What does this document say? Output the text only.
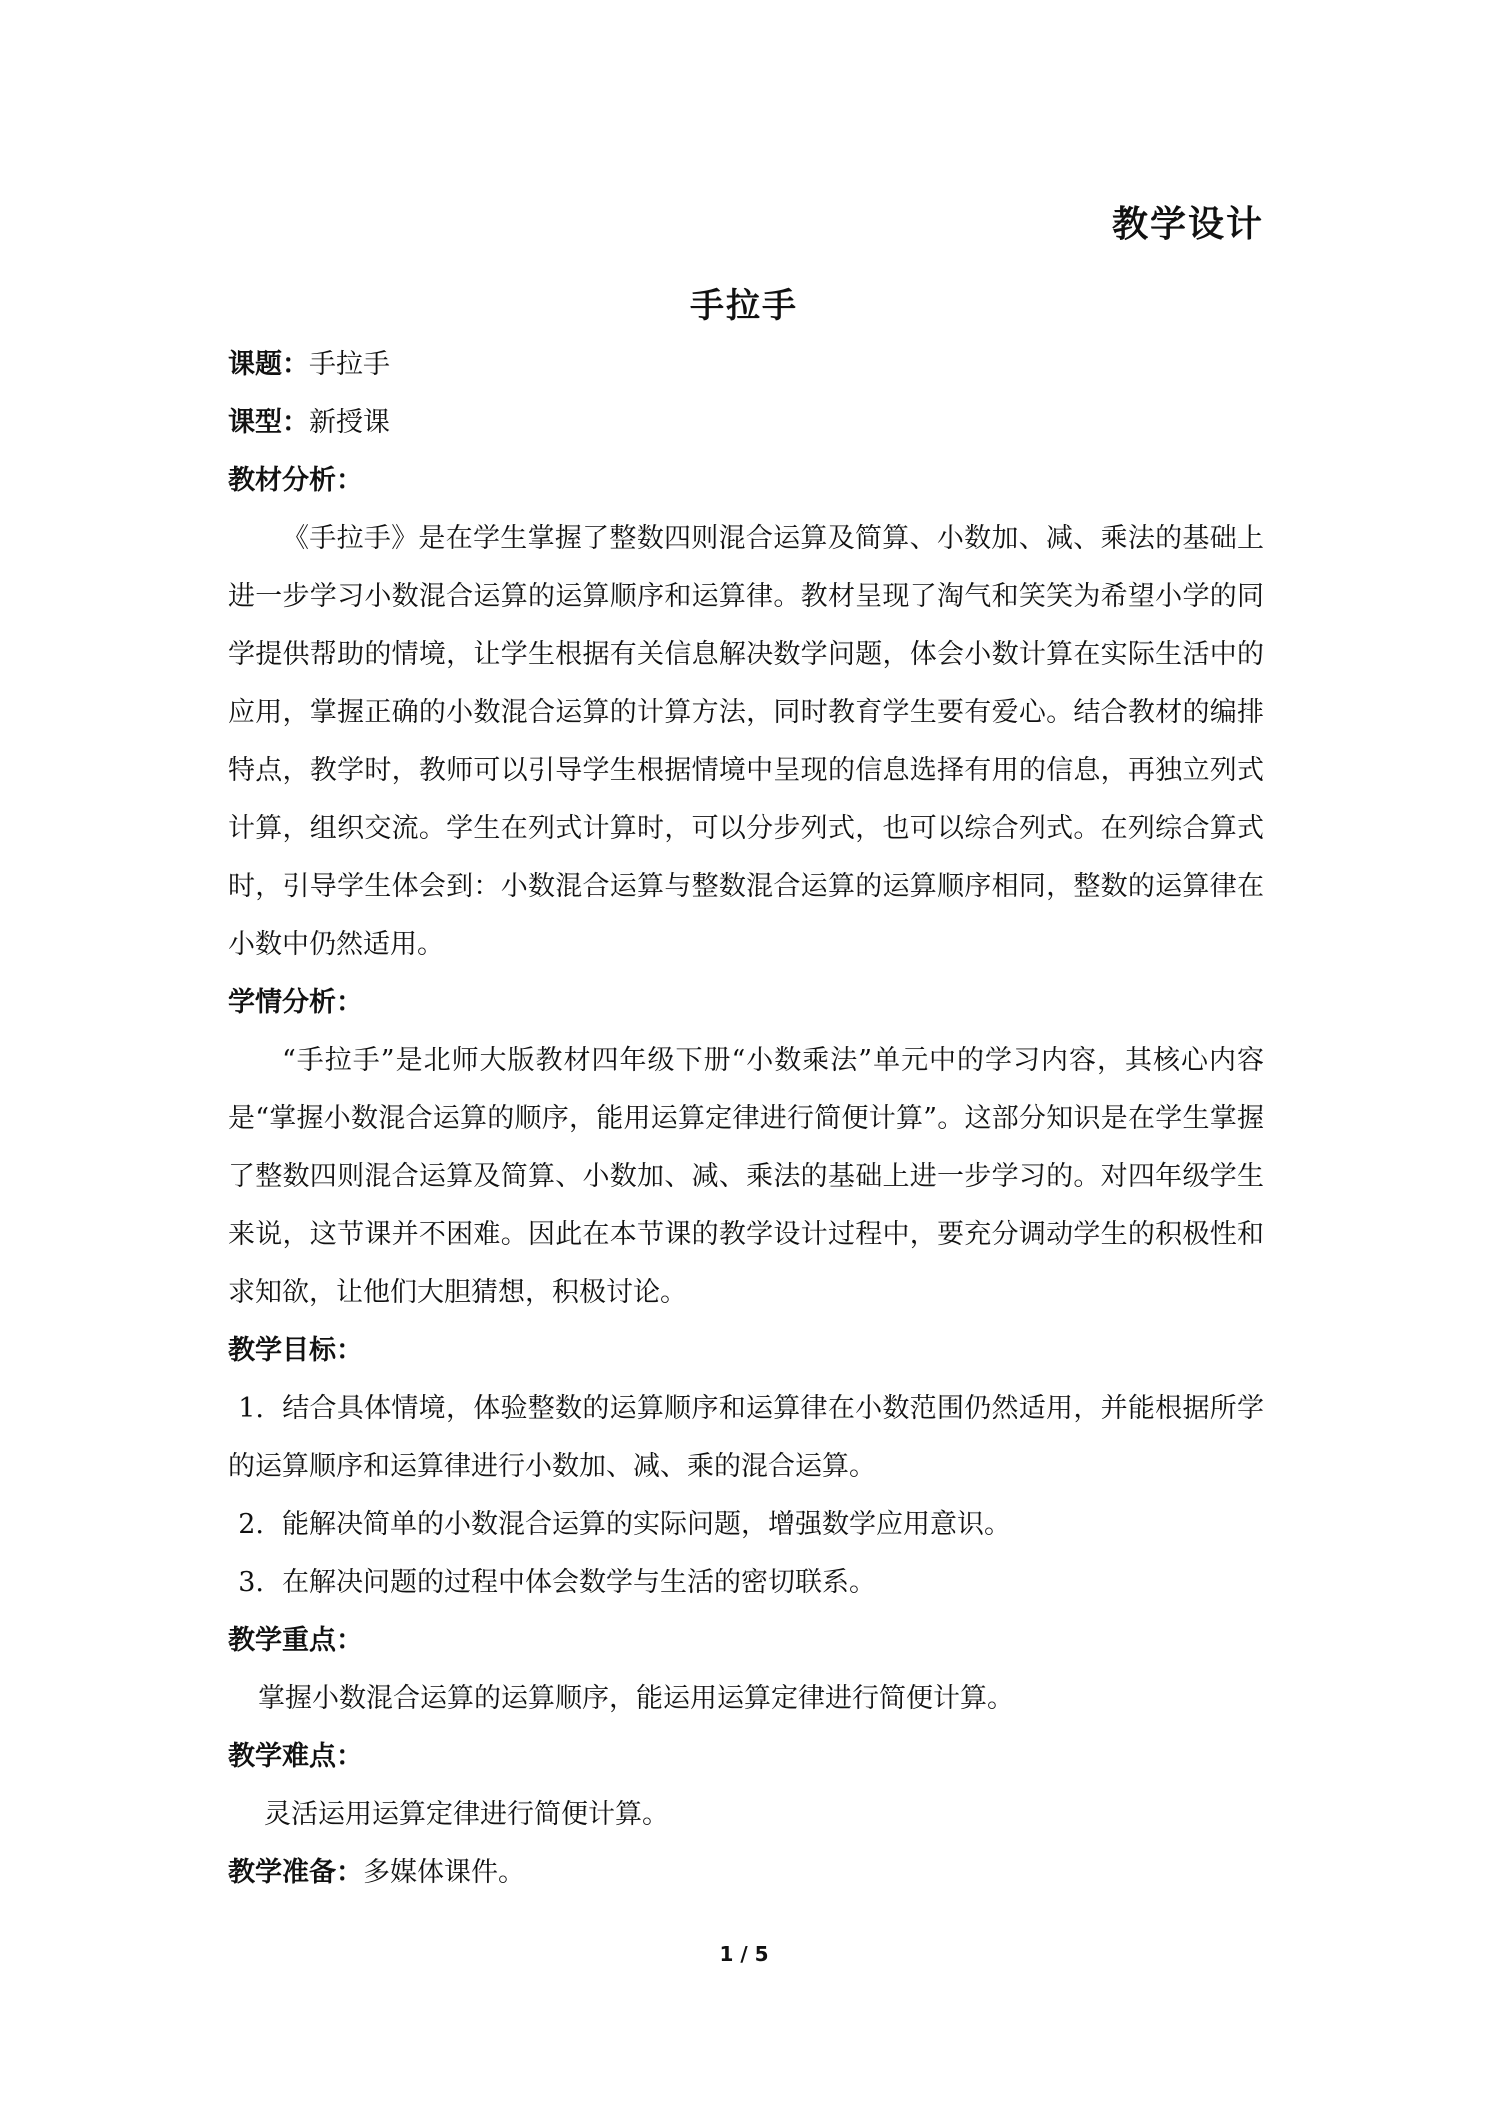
教学设计
手拉手
课题：手拉手
课型：新授课
教材分析：

《手拉手》是在学生掌握了整数四则混合运算及简算、小数加、减、乘法的基础上进一步学习小数混合运算的运算顺序和运算律。教材呈现了淘气和笑笑为希望小学的同学提供帮助的情境，让学生根据有关信息解决数学问题，体会小数计算在实际生活中的应用，掌握正确的小数混合运算的计算方法，同时教育学生要有爱心。结合教材的编排特点，教学时，教师可以引导学生根据情境中呈现的信息选择有用的信息，再独立列式计算，组织交流。学生在列式计算时，可以分步列式，也可以综合列式。在列综合算式时，引导学生体会到：小数混合运算与整数混合运算的运算顺序相同，整数的运算律在小数中仍然适用。

学情分析：

“手拉手”是北师大版教材四年级下册“小数乘法”单元中的学习内容，其核心内容是“掌握小数混合运算的顺序，能用运算定律进行简便计算”。这部分知识是在学生掌握了整数四则混合运算及简算、小数加、减、乘法的基础上进一步学习的。对四年级学生来说，这节课并不困难。因此在本节课的教学设计过程中，要充分调动学生的积极性和求知欲，让他们大胆猜想，积极讨论。

教学目标：

1. 结合具体情境，体验整数的运算顺序和运算律在小数范围仍然适用，并能根据所学的运算顺序和运算律进行小数加、减、乘的混合运算。

2. 能解决简单的小数混合运算的实际问题，增强数学应用意识。

3. 在解决问题的过程中体会数学与生活的密切联系。

教学重点：
掌握小数混合运算的运算顺序，能运用运算定律进行简便计算。
教学难点：
灵活运用运算定律进行简便计算。
教学准备：多媒体课件。
1 / 5
